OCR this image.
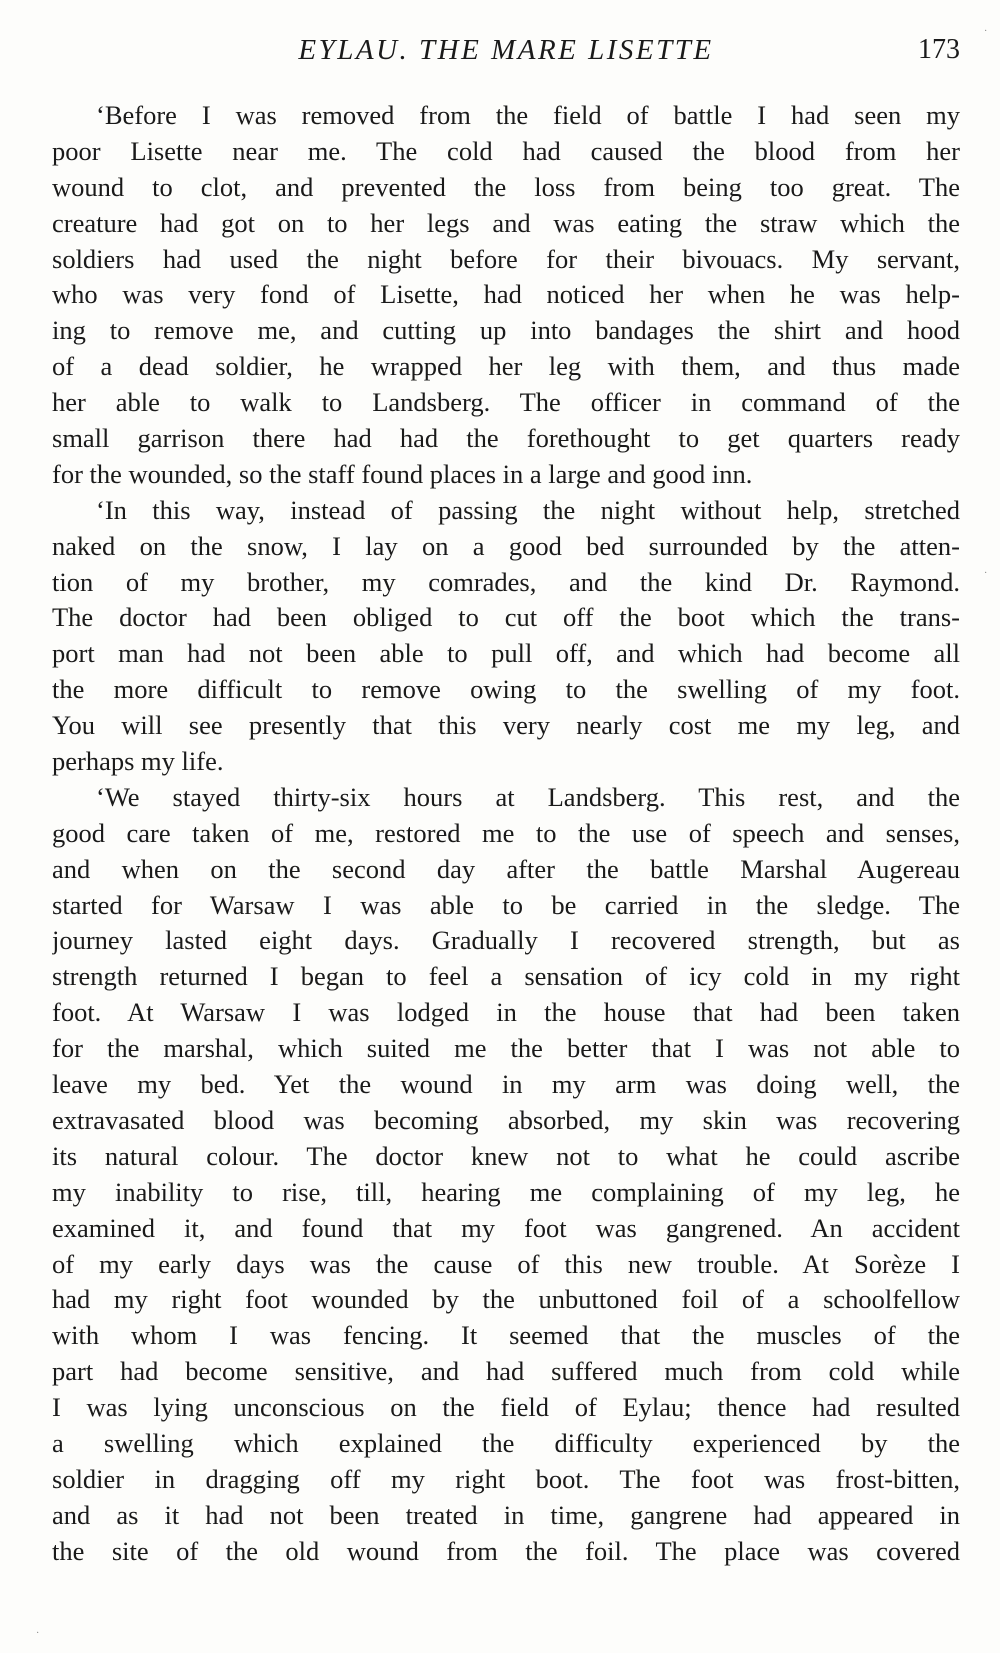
EYLAU. THE MARE LISETTE	173
‘Before I was removed from the field of battle I had seen my
poor Lisette near me. The cold had caused the blood from her
wound to clot, and prevented the loss from being too great. The
creature had got on to her legs and was eating the straw which the
soldiers had used the night before for their bivouacs. My servant,
who was very fond of Lisette, had noticed her when he was help-
ing to remove me, and cutting up into bandages the shirt and hood
of a dead soldier, he wrapped her leg with them, and thus made
her able to walk to Landsberg. The officer in command of the
small garrison there had had the forethought to get quarters ready
for the wounded, so the staff found places in a large and good inn.
‘In this way, instead of passing the night without help, stretched
naked on the snow, I lay on a good bed surrounded by the atten-
tion of my brother, my comrades, and the kind Dr. Raymond.
The doctor had been obliged to cut off the boot which the trans-
port man had not been able to pull off, and which had become all
the more difficult to remove owing to the swelling of my foot.
You will see presently that this very nearly cost me my leg, and
perhaps my life.
‘We stayed thirty-six hours at Landsberg. This rest, and the
good care taken of me, restored me to the use of speech and senses,
and when on the second day after the battle Marshal Augereau
started for Warsaw I was able to be carried in the sledge. The
journey lasted eight days. Gradually I recovered strength, but as
strength returned I began to feel a sensation of icy cold in my right
foot. At Warsaw I was lodged in the house that had been taken
for the marshal, which suited me the better that I was not able to
leave my bed. Yet the wound in my arm was doing well, the
extravasated blood was becoming absorbed, my skin was recovering
its natural colour. The doctor knew not to what he could ascribe
my inability to rise, till, hearing me complaining of my leg, he
examined it, and found that my foot was gangrened. An accident
of my early days was the cause of this new trouble. At Sorèze I
had my right foot wounded by the unbuttoned foil of a schoolfellow
with whom I was fencing. It seemed that the muscles of the
part had become sensitive, and had suffered much from cold while
I was lying unconscious on the field of Eylau; thence had resulted
a swelling which explained the difficulty experienced by the
soldier in dragging off my right boot. The foot was frost-bitten,
and as it had not been treated in time, gangrene had appeared in
the site of the old wound from the foil. The place was covered
·
·
·
